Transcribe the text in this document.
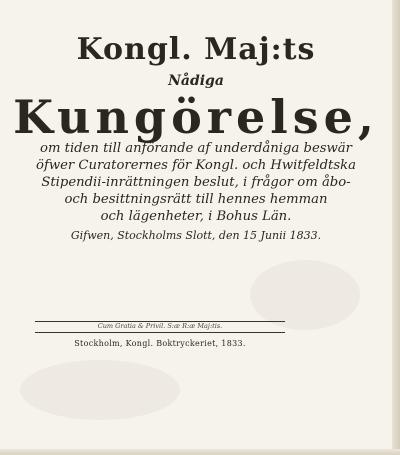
Kongl. Maj:ts
Nådiga
Kungörelse,
om tiden till anförande af underdåniga beswär
öfwer Curatorernes för Kongl. och Hwitfeldtska
Stipendii-inrättningen beslut, i frågor om åbo-
och besittningsrätt till hennes hemman
och lägenheter, i Bohus Län.
Gifwen, Stockholms Slott, den 15 Junii 1833.
Cum Gratia & Privil. S:æ R:æ Maj:tis.
Stockholm, Kongl. Boktryckeriet, 1833.
